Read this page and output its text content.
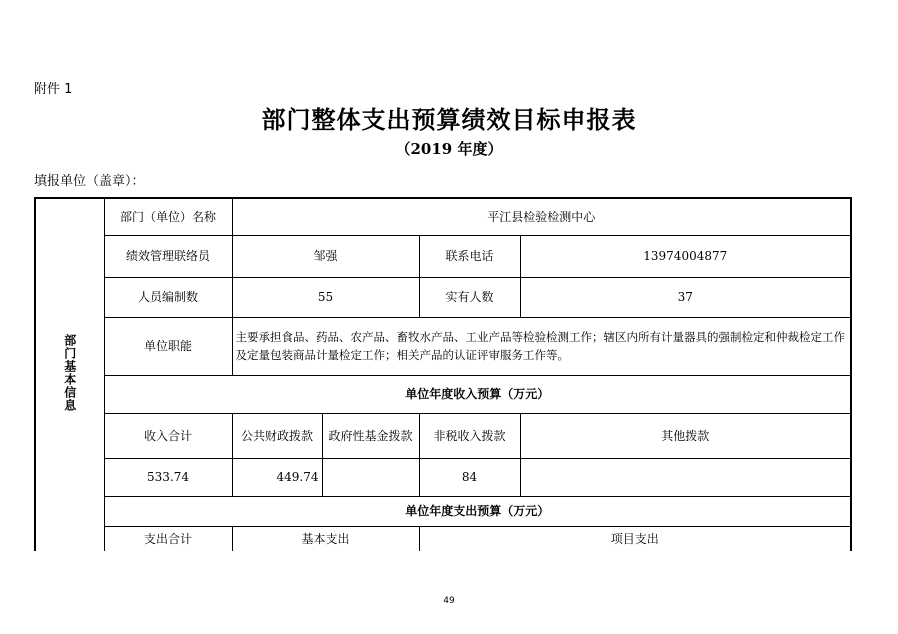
附件 1
部门整体支出预算绩效目标申报表
（2019 年度）
填报单位（盖章）：
部门基本信息	部门（单位）名称	平江县检验检测中心			
	绩效管理联络员	邹强		联系电话	13974004877
	人员编制数	55		实有人数	37
	单位职能	主要承担食品、药品、农产品、畜牧水产品、工业产品等检验检测工作；辖区内所有计量器具的强制检定和仲裁检定工作及定量包装商品计量检定工作；相关产品的认证评审服务工作等。			
	单位年度收入预算（万元）				
	收入合计	公共财政拨款	政府性基金拨款	非税收入拨款	其他拨款
	533.74	449.74		84	
	单位年度支出预算（万元）				
	支出合计	基本支出		项目支出	
49
